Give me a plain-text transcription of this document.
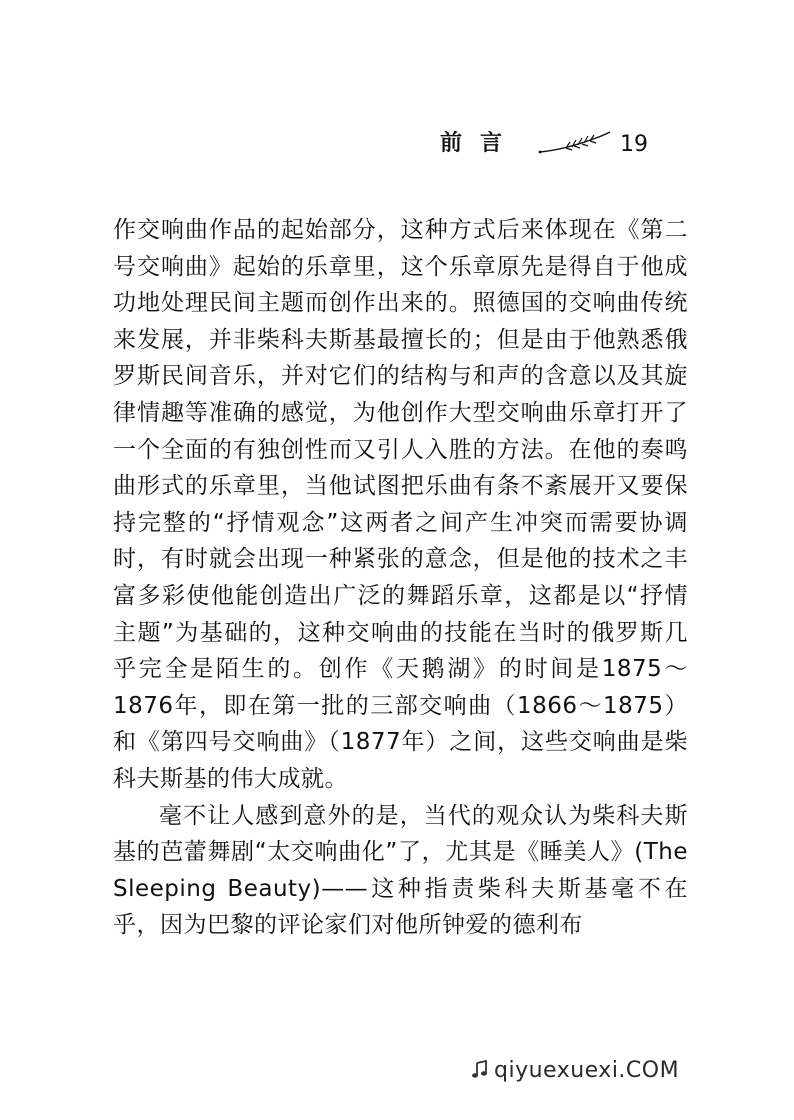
前言	19

作交响曲作品的起始部分，这种方式后来体现在《第二号交响曲》起始的乐章里，这个乐章原先是得自于他成功地处理民间主题而创作出来的。照德国的交响曲传统来发展，并非柴科夫斯基最擅长的；但是由于他熟悉俄罗斯民间音乐，并对它们的结构与和声的含意以及其旋律情趣等准确的感觉，为他创作大型交响曲乐章打开了一个全面的有独创性而又引人入胜的方法。在他的奏鸣曲形式的乐章里，当他试图把乐曲有条不紊展开又要保持完整的“抒情观念”这两者之间产生冲突而需要协调时，有时就会出现一种紧张的意念，但是他的技术之丰富多彩使他能创造出广泛的舞蹈乐章，这都是以“抒情主题”为基础的，这种交响曲的技能在当时的俄罗斯几乎完全是陌生的。创作《天鹅湖》的时间是1875～1876年，即在第一批的三部交响曲（1866～1875）和《第四号交响曲》（1877年）之间，这些交响曲是柴科夫斯基的伟大成就。

毫不让人感到意外的是，当代的观众认为柴科夫斯基的芭蕾舞剧“太交响曲化”了，尤其是《睡美人》(The Sleeping Beauty)——这种指责柴科夫斯基毫不在乎，因为巴黎的评论家们对他所钟爱的德利布

qiyuexuexi.COM
